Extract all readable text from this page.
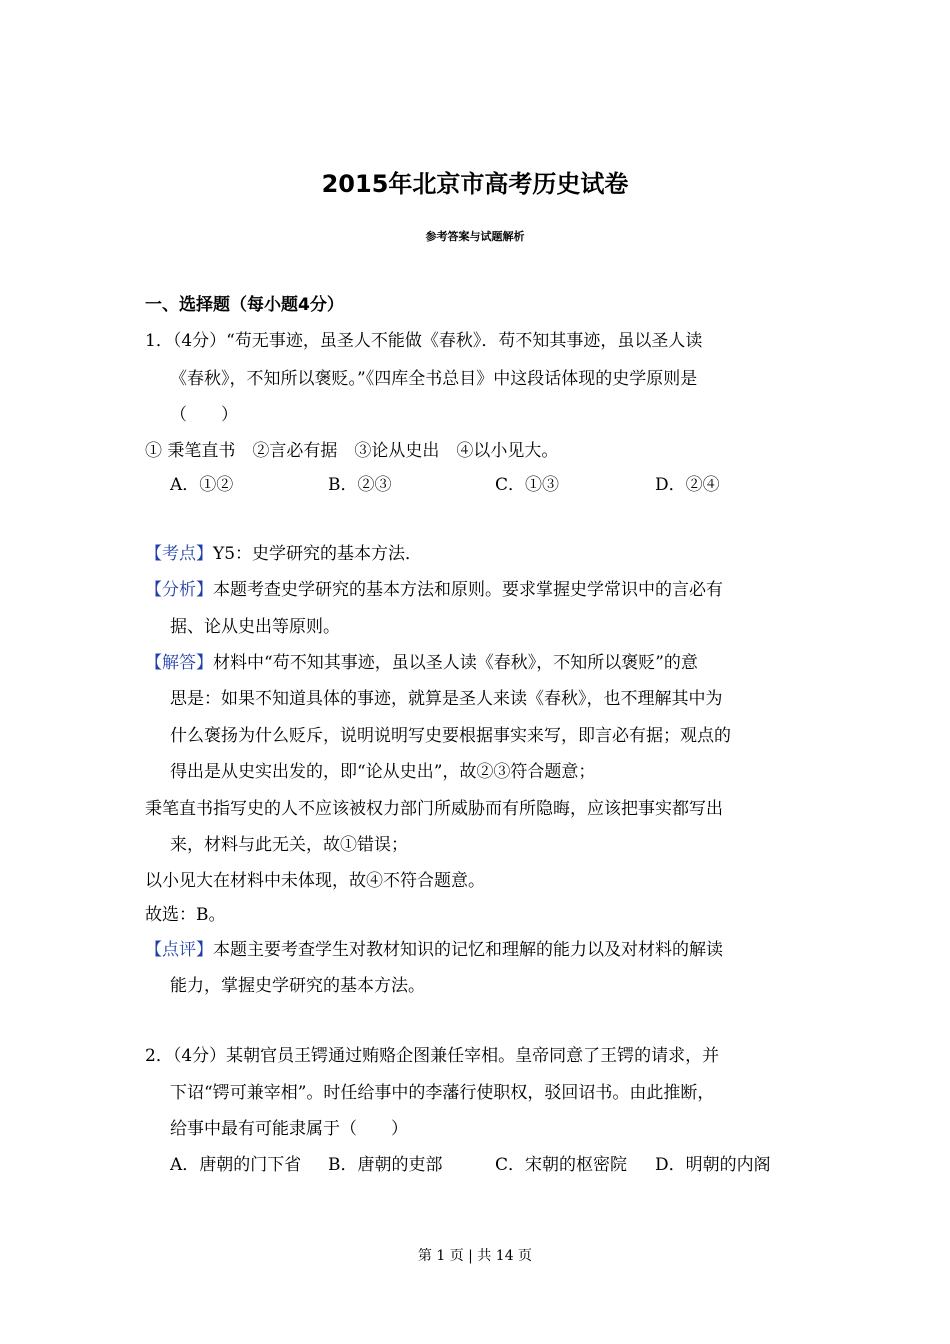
2015年北京市高考历史试卷
参考答案与试题解析
一、选择题（每小题4分）
1．（4分）“苟无事迹，虽圣人不能做《春秋》．苟不知其事迹，虽以圣人读
《春秋》，不知所以褒贬。”《四库全书总目》中这段话体现的史学原则是
（　　）
① 秉笔直书　②言必有据　③论从史出　④以小见大。
A．①②	B．②③	C．①③	D．②④
【考点】Y5：史学研究的基本方法．
【分析】本题考查史学研究的基本方法和原则。要求掌握史学常识中的言必有
据、论从史出等原则。
【解答】材料中“苟不知其事迹，虽以圣人读《春秋》，不知所以褒贬”的意
思是：如果不知道具体的事迹，就算是圣人来读《春秋》，也不理解其中为
什么褒扬为什么贬斥，说明说明写史要根据事实来写，即言必有据；观点的
得出是从史实出发的，即“论从史出”，故②③符合题意；
秉笔直书指写史的人不应该被权力部门所威胁而有所隐晦，应该把事实都写出
来，材料与此无关，故①错误；
以小见大在材料中未体现，故④不符合题意。
故选：B。
【点评】本题主要考查学生对教材知识的记忆和理解的能力以及对材料的解读
能力，掌握史学研究的基本方法。
2．（4分）某朝官员王锷通过贿赂企图兼任宰相。皇帝同意了王锷的请求，并
下诏“锷可兼宰相”。时任给事中的李藩行使职权，驳回诏书。由此推断，
给事中最有可能隶属于（　　）
A．唐朝的门下省 B．唐朝的吏部	C．宋朝的枢密院 D．明朝的内阁
第 1 页 | 共 14 页
